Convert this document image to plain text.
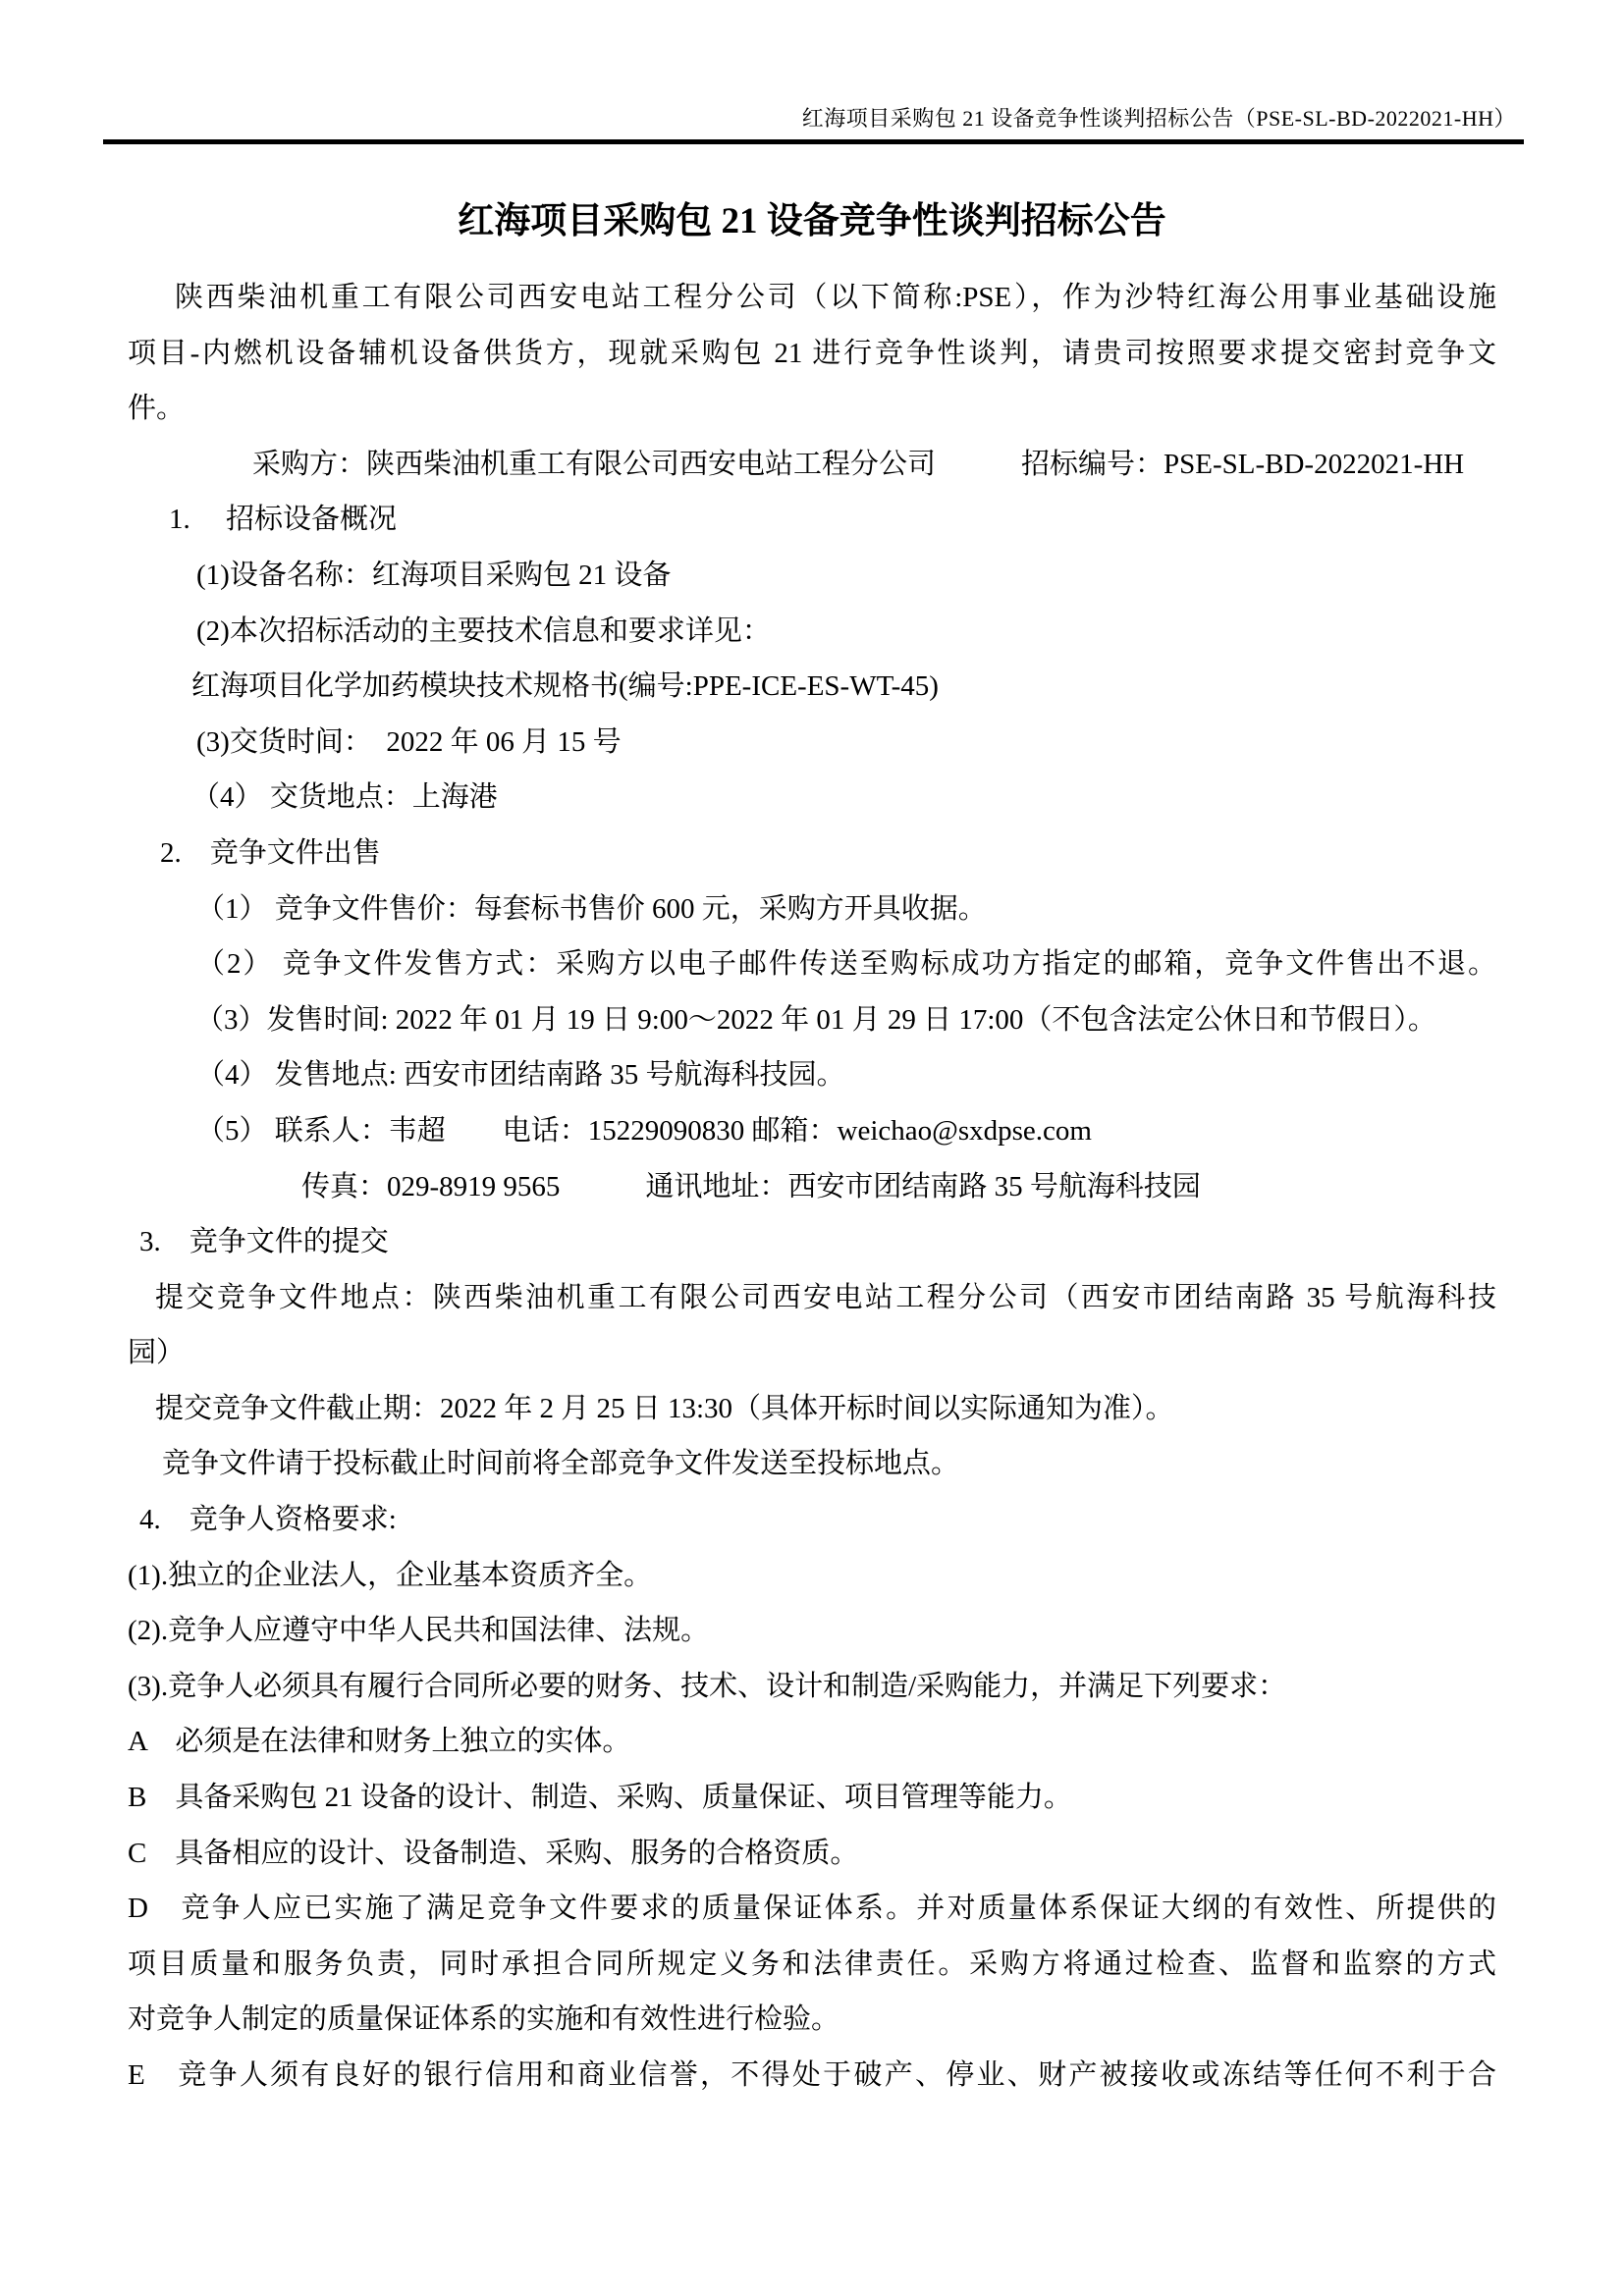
红海项目采购包 21 设备竞争性谈判招标公告（PSE-SL-BD-2022021-HH）
红海项目采购包 21 设备竞争性谈判招标公告
陕西柴油机重工有限公司西安电站工程分公司（以下简称:PSE），作为沙特红海公用事业基础设施
项目-内燃机设备辅机设备供货方，现就采购包 21 进行竞争性谈判，请贵司按照要求提交密封竞争文
件。
采购方：陕西柴油机重工有限公司西安电站工程分公司　　　招标编号：PSE-SL-BD-2022021-HH
1.　 招标设备概况
(1)设备名称：红海项目采购包 21 设备
(2)本次招标活动的主要技术信息和要求详见：
红海项目化学加药模块技术规格书(编号:PPE-ICE-ES-WT-45)
(3)交货时间：　2022 年 06 月 15 号
（4） 交货地点：上海港
2.　竞争文件出售
（1） 竞争文件售价：每套标书售价 600 元，采购方开具收据。
（2） 竞争文件发售方式：采购方以电子邮件传送至购标成功方指定的邮箱，竞争文件售出不退。
（3）发售时间: 2022 年 01 月 19 日 9:00～2022 年 01 月 29 日 17:00（不包含法定公休日和节假日）。
（4） 发售地点: 西安市团结南路 35 号航海科技园。
（5） 联系人：韦超　　电话：15229090830 邮箱：weichao@sxdpse.com
传真：029-8919 9565　　　通讯地址：西安市团结南路 35 号航海科技园
3.　竞争文件的提交
提交竞争文件地点：陕西柴油机重工有限公司西安电站工程分公司（西安市团结南路 35 号航海科技
园）
提交竞争文件截止期：2022 年 2 月 25 日 13:30（具体开标时间以实际通知为准）。
竞争文件请于投标截止时间前将全部竞争文件发送至投标地点。
4.　竞争人资格要求:
(1).独立的企业法人，企业基本资质齐全。
(2).竞争人应遵守中华人民共和国法律、法规。
(3).竞争人必须具有履行合同所必要的财务、技术、设计和制造/采购能力，并满足下列要求：
A　必须是在法律和财务上独立的实体。
B　具备采购包 21 设备的设计、制造、采购、质量保证、项目管理等能力。
C　具备相应的设计、设备制造、采购、服务的合格资质。
D　竞争人应已实施了满足竞争文件要求的质量保证体系。并对质量体系保证大纲的有效性、所提供的
项目质量和服务负责，同时承担合同所规定义务和法律责任。采购方将通过检查、监督和监察的方式
对竞争人制定的质量保证体系的实施和有效性进行检验。
E　竞争人须有良好的银行信用和商业信誉，不得处于破产、停业、财产被接收或冻结等任何不利于合
